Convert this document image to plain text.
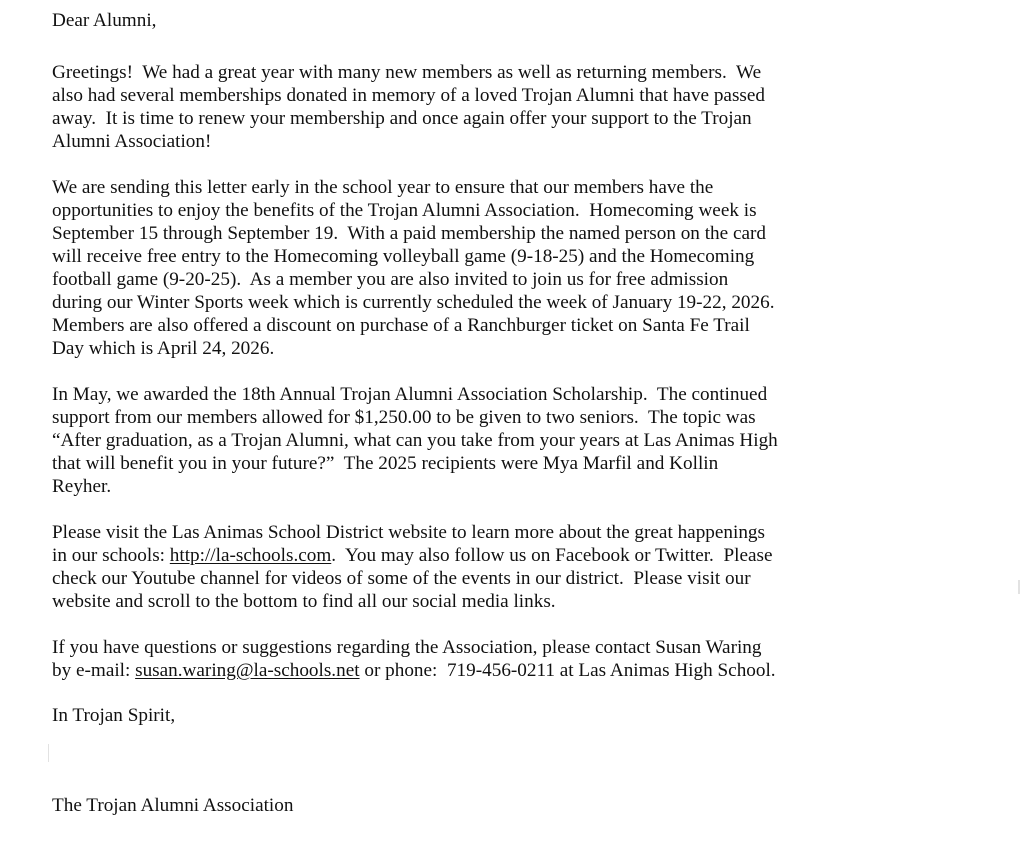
Dear Alumni,
Greetings!  We had a great year with many new members as well as returning members.  We
also had several memberships donated in memory of a loved Trojan Alumni that have passed
away.  It is time to renew your membership and once again offer your support to the Trojan
Alumni Association!
We are sending this letter early in the school year to ensure that our members have the
opportunities to enjoy the benefits of the Trojan Alumni Association.  Homecoming week is
September 15 through September 19.  With a paid membership the named person on the card
will receive free entry to the Homecoming volleyball game (9-18-25) and the Homecoming
football game (9-20-25).  As a member you are also invited to join us for free admission
during our Winter Sports week which is currently scheduled the week of January 19-22, 2026.
Members are also offered a discount on purchase of a Ranchburger ticket on Santa Fe Trail
Day which is April 24, 2026.
In May, we awarded the 18th Annual Trojan Alumni Association Scholarship.  The continued
support from our members allowed for $1,250.00 to be given to two seniors.  The topic was
“After graduation, as a Trojan Alumni, what can you take from your years at Las Animas High
that will benefit you in your future?”  The 2025 recipients were Mya Marfil and Kollin
Reyher.
Please visit the Las Animas School District website to learn more about the great happenings
in our schools: http://la-schools.com.  You may also follow us on Facebook or Twitter.  Please
check our Youtube channel for videos of some of the events in our district.  Please visit our
website and scroll to the bottom to find all our social media links.
If you have questions or suggestions regarding the Association, please contact Susan Waring
by e-mail: susan.waring@la-schools.net or phone:  719-456-0211 at Las Animas High School.
In Trojan Spirit,
The Trojan Alumni Association
